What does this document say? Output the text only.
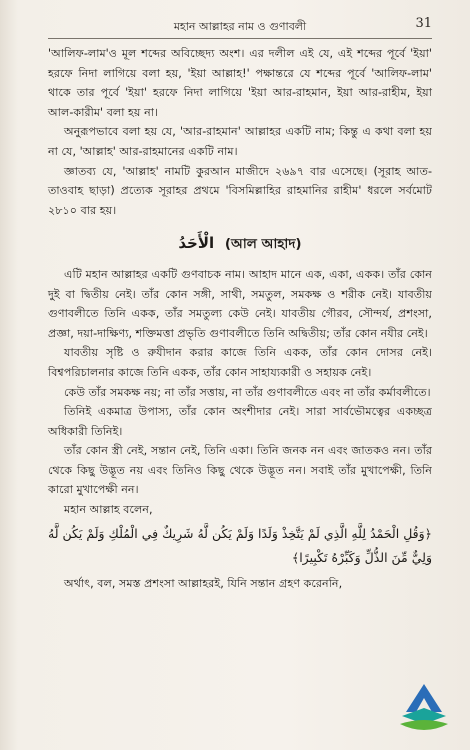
মহান আল্লাহর নাম ও গুণাবলী	31

'আলিফ-লাম'ও মূল শব্দের অবিচ্ছেদ্য অংশ। এর দলীল এই যে, এই শব্দের পূর্বে 'ইয়া' হরফে নিদা লাগিয়ে বলা হয়, 'ইয়া আল্লাহ!' পক্ষান্তরে যে শব্দের পূর্বে 'আলিফ-লাম' থাকে তার পূর্বে 'ইয়া' হরফে নিদা লাগিয়ে 'ইয়া আর-রাহমান, ইয়া আর-রাহীম, ইয়া আল-কারীম' বলা হয় না।

অনুরূপভাবে বলা হয় যে, 'আর-রাহমান' আল্লাহর একটি নাম; কিন্তু এ কথা বলা হয় না যে, 'আল্লাহ' আর-রাহমানের একটি নাম।

জ্ঞাতব্য যে, 'আল্লাহ' নামটি কুরআন মাজীদে ২৬৯৭ বার এসেছে। (সূরাহ আত-তাওবাহ ছাড়া) প্রত্যেক সূরাহর প্রথমে 'বিসমিল্লাহির রাহমানির রাহীম' ধরলে সর্বমোট ২৮১০ বার হয়।

الْأَحَدُ (আল আহাদ)

এটি মহান আল্লাহর একটি গুণবাচক নাম। আহাদ মানে এক, একা, একক। তাঁর কোন দুই বা দ্বিতীয় নেই। তাঁর কোন সঙ্গী, সাথী, সমতুল, সমকক্ষ ও শরীক নেই। যাবতীয় গুণাবলীতে তিনি একক, তাঁর সমতুল্য কেউ নেই। যাবতীয় গৌরব, সৌন্দর্য, প্রশংসা, প্রজ্ঞা, দয়া-দাক্ষিণ্য, শক্তিমত্তা প্রভৃতি গুণাবলীতে তিনি অদ্বিতীয়; তাঁর কোন নযীর নেই।

যাবতীয় সৃষ্টি ও রুযীদান করার কাজে তিনি একক, তাঁর কোন দোসর নেই। বিশ্বপরিচালনার কাজে তিনি একক, তাঁর কোন সাহায্যকারী ও সহায়ক নেই।

কেউ তাঁর সমকক্ষ নয়; না তাঁর সত্তায়, না তাঁর গুণাবলীতে এবং না তাঁর কর্মাবলীতে।

তিনিই একমাত্র উপাস্য, তাঁর কোন অংশীদার নেই। সারা সার্বভৌমত্বের একচ্ছত্র অধিকারী তিনিই।

তাঁর কোন স্ত্রী নেই, সন্তান নেই, তিনি একা। তিনি জনক নন এবং জাতকও নন। তাঁর থেকে কিছু উদ্ভূত নয় এবং তিনিও কিছু থেকে উদ্ভূত নন। সবাই তাঁর মুখাপেক্ষী, তিনি কারো মুখাপেক্ষী নন।

মহান আল্লাহ বলেন,

﴿وَقُلِ الْحَمْدُ لِلَّهِ الَّذِي لَمْ يَتَّخِذْ وَلَدًا وَلَمْ يَكُن لَّهُ شَرِيكٌ فِي الْمُلْكِ وَلَمْ يَكُن لَّهُ وَلِيٌّ مِّنَ الذُّلِّ وَكَبِّرْهُ تَكْبِيرًا﴾

অর্থাৎ, বল, সমস্ত প্রশংসা আল্লাহরই, যিনি সন্তান গ্রহণ করেননি,
